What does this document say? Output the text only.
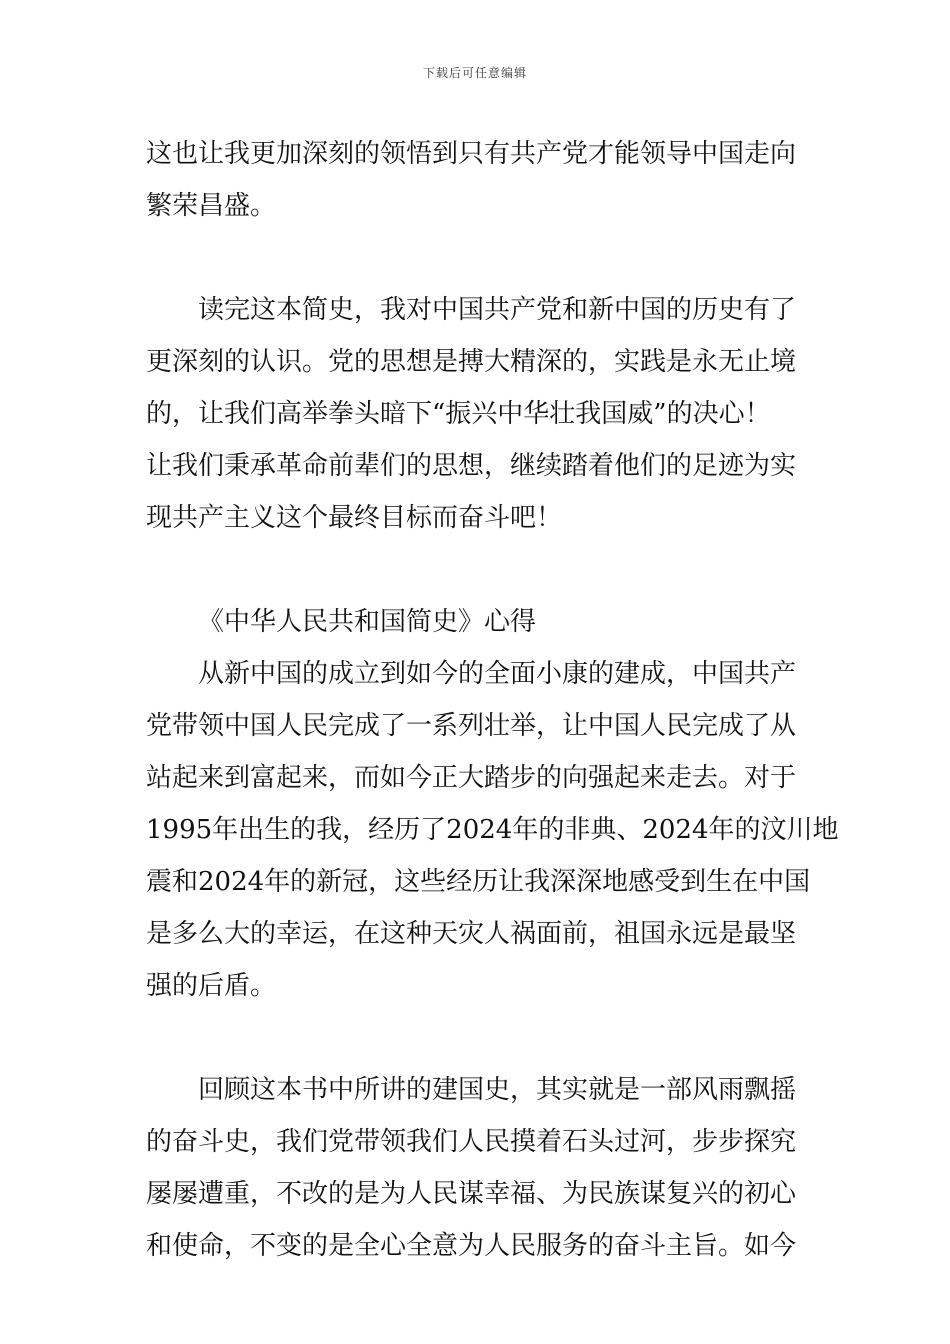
下载后可任意编辑
这也让我更加深刻的领悟到只有共产党才能领导中国走向
繁荣昌盛。
读完这本简史，我对中国共产党和新中国的历史有了
更深刻的认识。党的思想是搏大精深的，实践是永无止境
的，让我们高举拳头暗下“振兴中华壮我国威”的决心！
让我们秉承革命前辈们的思想，继续踏着他们的足迹为实
现共产主义这个最终目标而奋斗吧！
《中华人民共和国简史》心得
从新中国的成立到如今的全面小康的建成，中国共产
党带领中国人民完成了一系列壮举，让中国人民完成了从
站起来到富起来，而如今正大踏步的向强起来走去。对于
1995年出生的我，经历了2024年的非典、2024年的汶川地
震和2024年的新冠，这些经历让我深深地感受到生在中国
是多么大的幸运，在这种天灾人祸面前，祖国永远是最坚
强的后盾。
回顾这本书中所讲的建国史，其实就是一部风雨飘摇
的奋斗史，我们党带领我们人民摸着石头过河，步步探究
屡屡遭重，不改的是为人民谋幸福、为民族谋复兴的初心
和使命，不变的是全心全意为人民服务的奋斗主旨。如今
